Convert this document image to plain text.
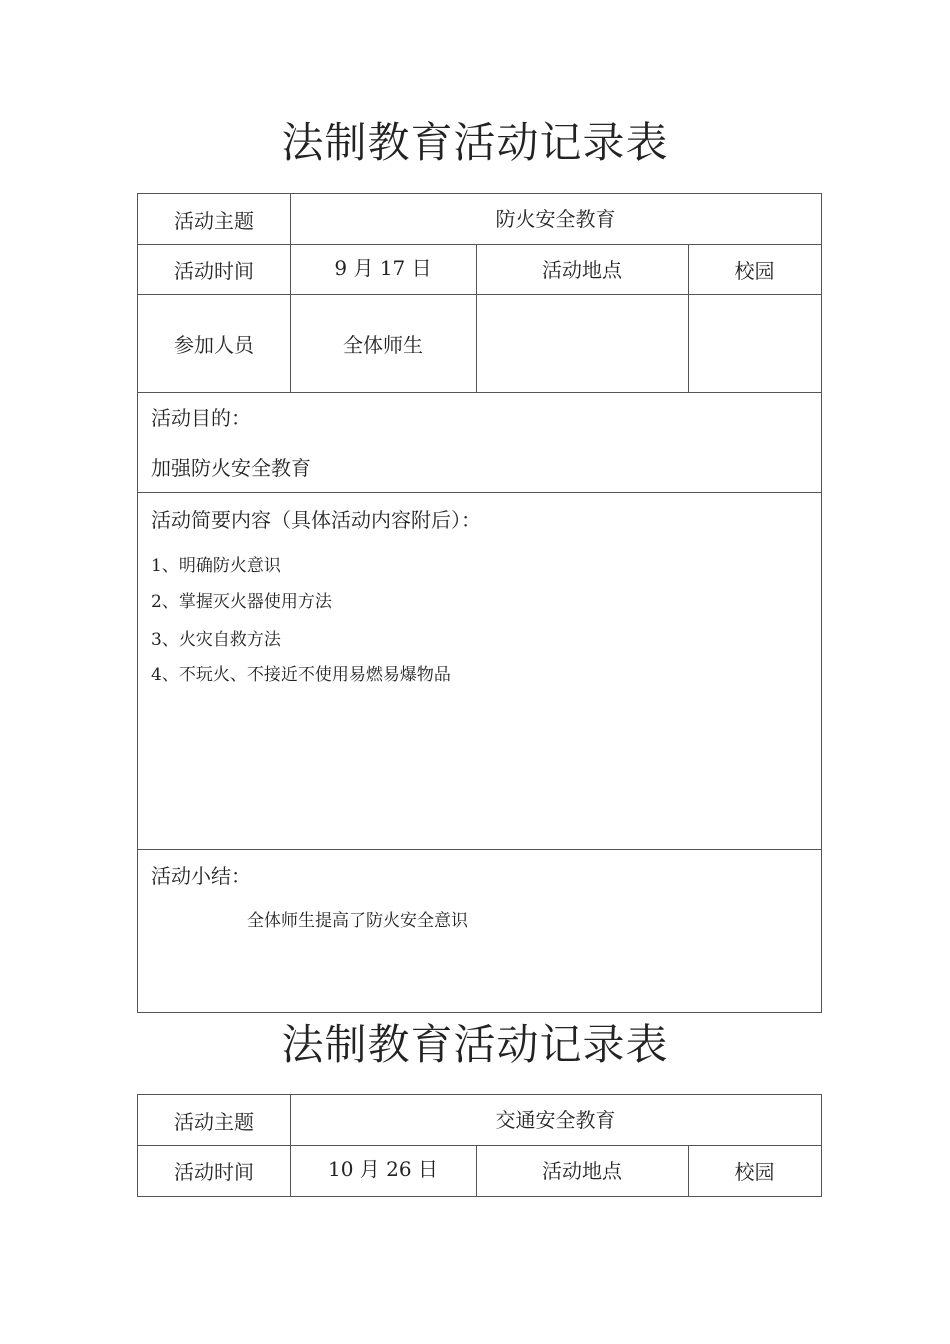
法制教育活动记录表
活动主题	防火安全教育
活动时间	9 月 17 日	活动地点	校园
参加人员	全体师生
活动目的：
加强防火安全教育
活动简要内容（具体活动内容附后）：
1、明确防火意识
2、掌握灭火器使用方法
3、火灾自救方法
4、不玩火、不接近不使用易燃易爆物品
活动小结：
全体师生提高了防火安全意识
法制教育活动记录表
活动主题	交通安全教育
活动时间	10 月 26 日	活动地点	校园
